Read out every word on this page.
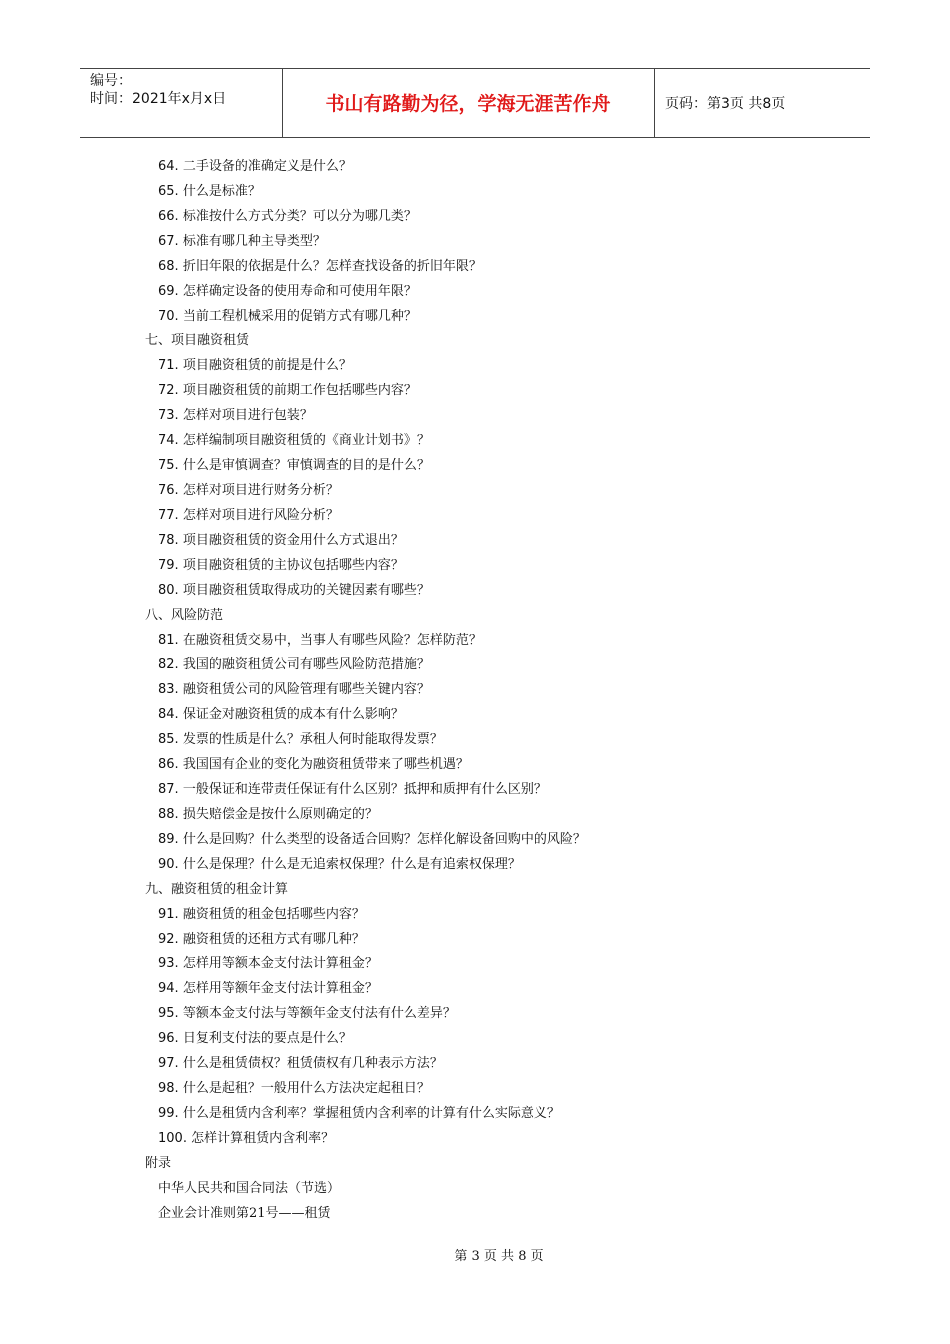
编号：
时间：2021年x月x日	书山有路勤为径，学海无涯苦作舟	页码：第3页 共8页
64. 二手设备的准确定义是什么？
65. 什么是标准？
66. 标准按什么方式分类？可以分为哪几类？
67. 标准有哪几种主导类型？
68. 折旧年限的依据是什么？怎样查找设备的折旧年限？
69. 怎样确定设备的使用寿命和可使用年限？
70. 当前工程机械采用的促销方式有哪几种？
七、项目融资租赁
71. 项目融资租赁的前提是什么？
72. 项目融资租赁的前期工作包括哪些内容？
73. 怎样对项目进行包装？
74. 怎样编制项目融资租赁的《商业计划书》？
75. 什么是审慎调查？审慎调查的目的是什么？
76. 怎样对项目进行财务分析？
77. 怎样对项目进行风险分析？
78. 项目融资租赁的资金用什么方式退出？
79. 项目融资租赁的主协议包括哪些内容？
80. 项目融资租赁取得成功的关键因素有哪些？
八、风险防范
81. 在融资租赁交易中，当事人有哪些风险？怎样防范？
82. 我国的融资租赁公司有哪些风险防范措施？
83. 融资租赁公司的风险管理有哪些关键内容？
84. 保证金对融资租赁的成本有什么影响？
85. 发票的性质是什么？承租人何时能取得发票？
86. 我国国有企业的变化为融资租赁带来了哪些机遇？
87. 一般保证和连带责任保证有什么区别？抵押和质押有什么区别？
88. 损失赔偿金是按什么原则确定的？
89. 什么是回购？什么类型的设备适合回购？怎样化解设备回购中的风险？
90. 什么是保理？什么是无追索权保理？什么是有追索权保理？
九、融资租赁的租金计算
91. 融资租赁的租金包括哪些内容？
92. 融资租赁的还租方式有哪几种？
93. 怎样用等额本金支付法计算租金？
94. 怎样用等额年金支付法计算租金？
95. 等额本金支付法与等额年金支付法有什么差异？
96. 日复利支付法的要点是什么？
97. 什么是租赁债权？租赁债权有几种表示方法？
98. 什么是起租？一般用什么方法决定起租日？
99. 什么是租赁内含利率？掌握租赁内含利率的计算有什么实际意义？
100. 怎样计算租赁内含利率？
附录
中华人民共和国合同法（节选）
企业会计准则第21号——租赁
第 3 页 共 8 页
